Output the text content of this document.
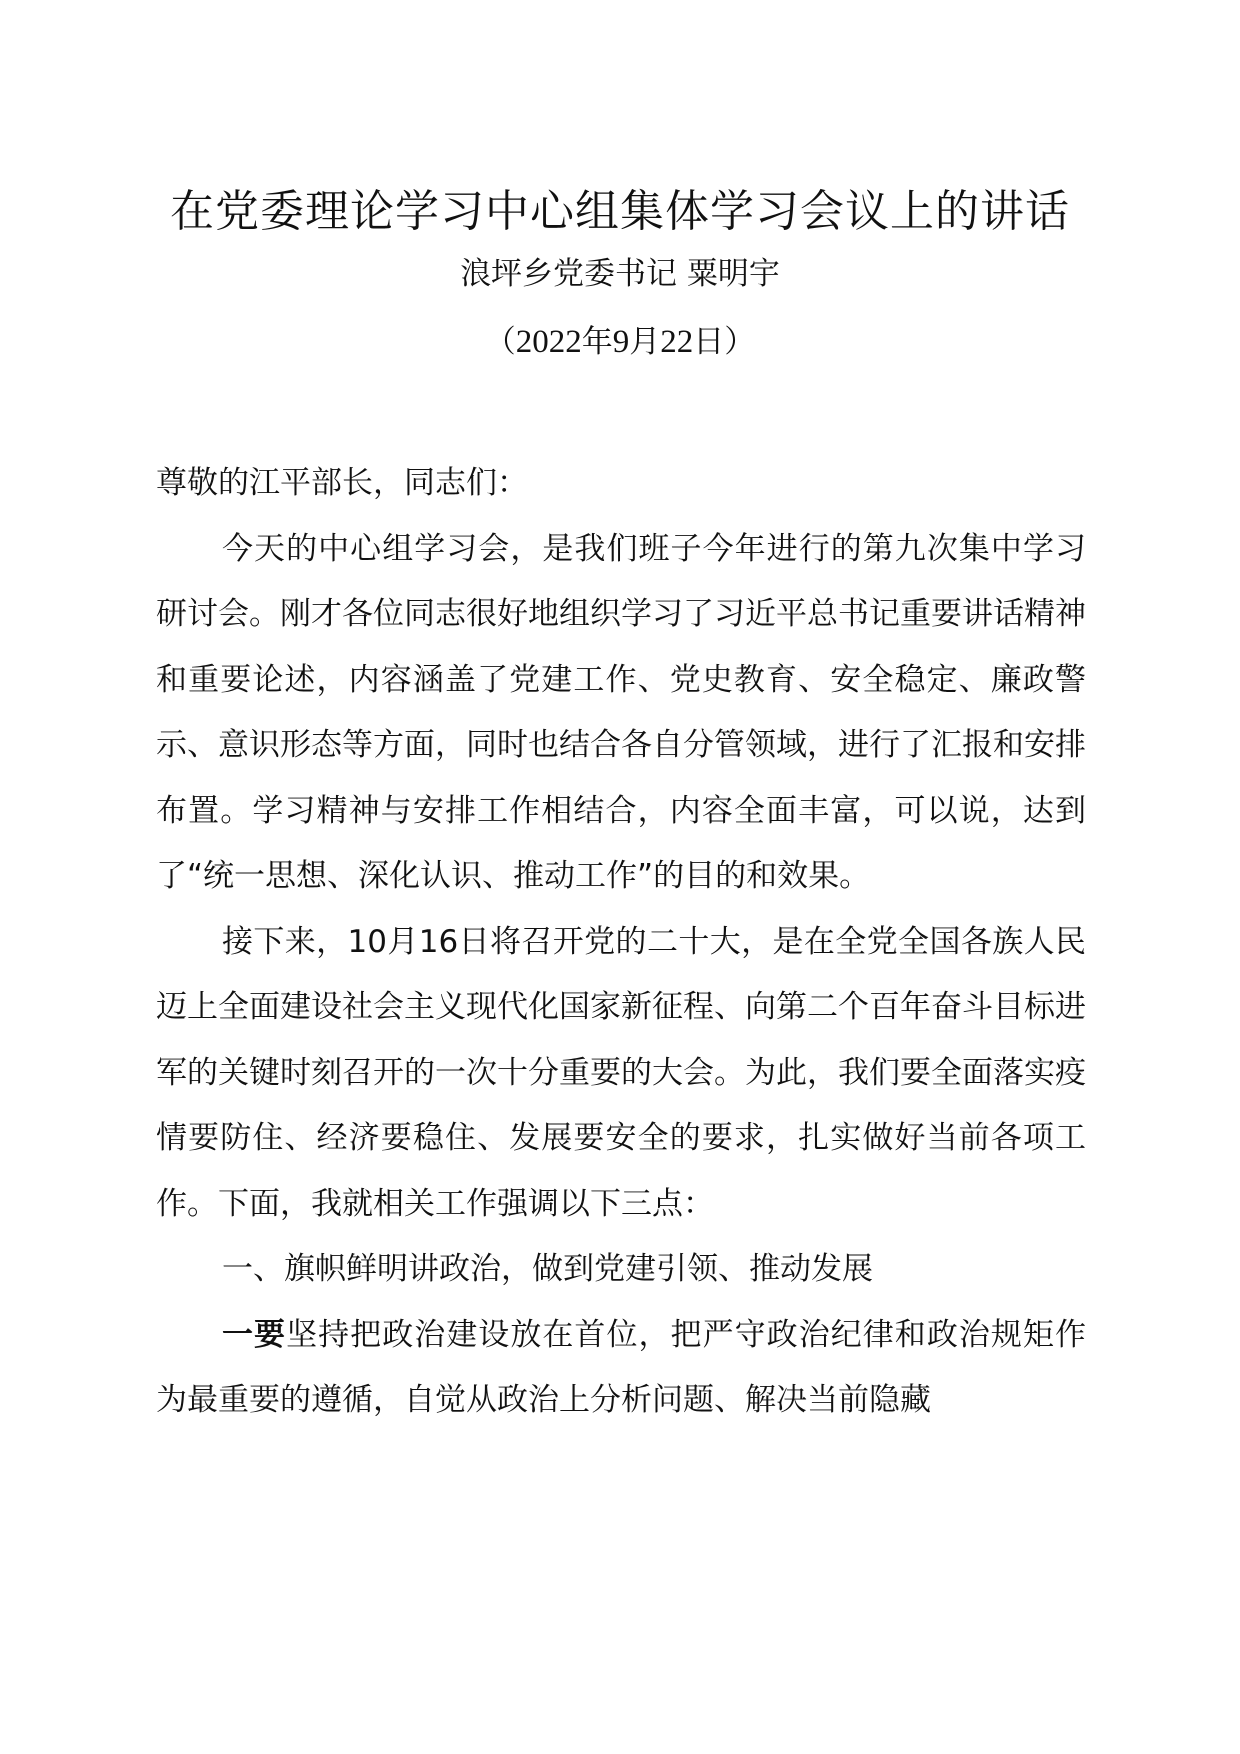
在党委理论学习中心组集体学习会议上的讲话
浪坪乡党委书记 粟明宇
（2022年9月22日）

尊敬的江平部长，同志们：

今天的中心组学习会，是我们班子今年进行的第九次集中学习研讨会。刚才各位同志很好地组织学习了习近平总书记重要讲话精神和重要论述，内容涵盖了党建工作、党史教育、安全稳定、廉政警示、意识形态等方面，同时也结合各自分管领域，进行了汇报和安排布置。学习精神与安排工作相结合，内容全面丰富，可以说，达到了“统一思想、深化认识、推动工作”的目的和效果。

接下来，10月16日将召开党的二十大，是在全党全国各族人民迈上全面建设社会主义现代化国家新征程、向第二个百年奋斗目标进军的关键时刻召开的一次十分重要的大会。为此，我们要全面落实疫情要防住、经济要稳住、发展要安全的要求，扎实做好当前各项工作。下面，我就相关工作强调以下三点：

一、旗帜鲜明讲政治，做到党建引领、推动发展

一要坚持把政治建设放在首位，把严守政治纪律和政治规矩作为最重要的遵循，自觉从政治上分析问题、解决当前隐藏
